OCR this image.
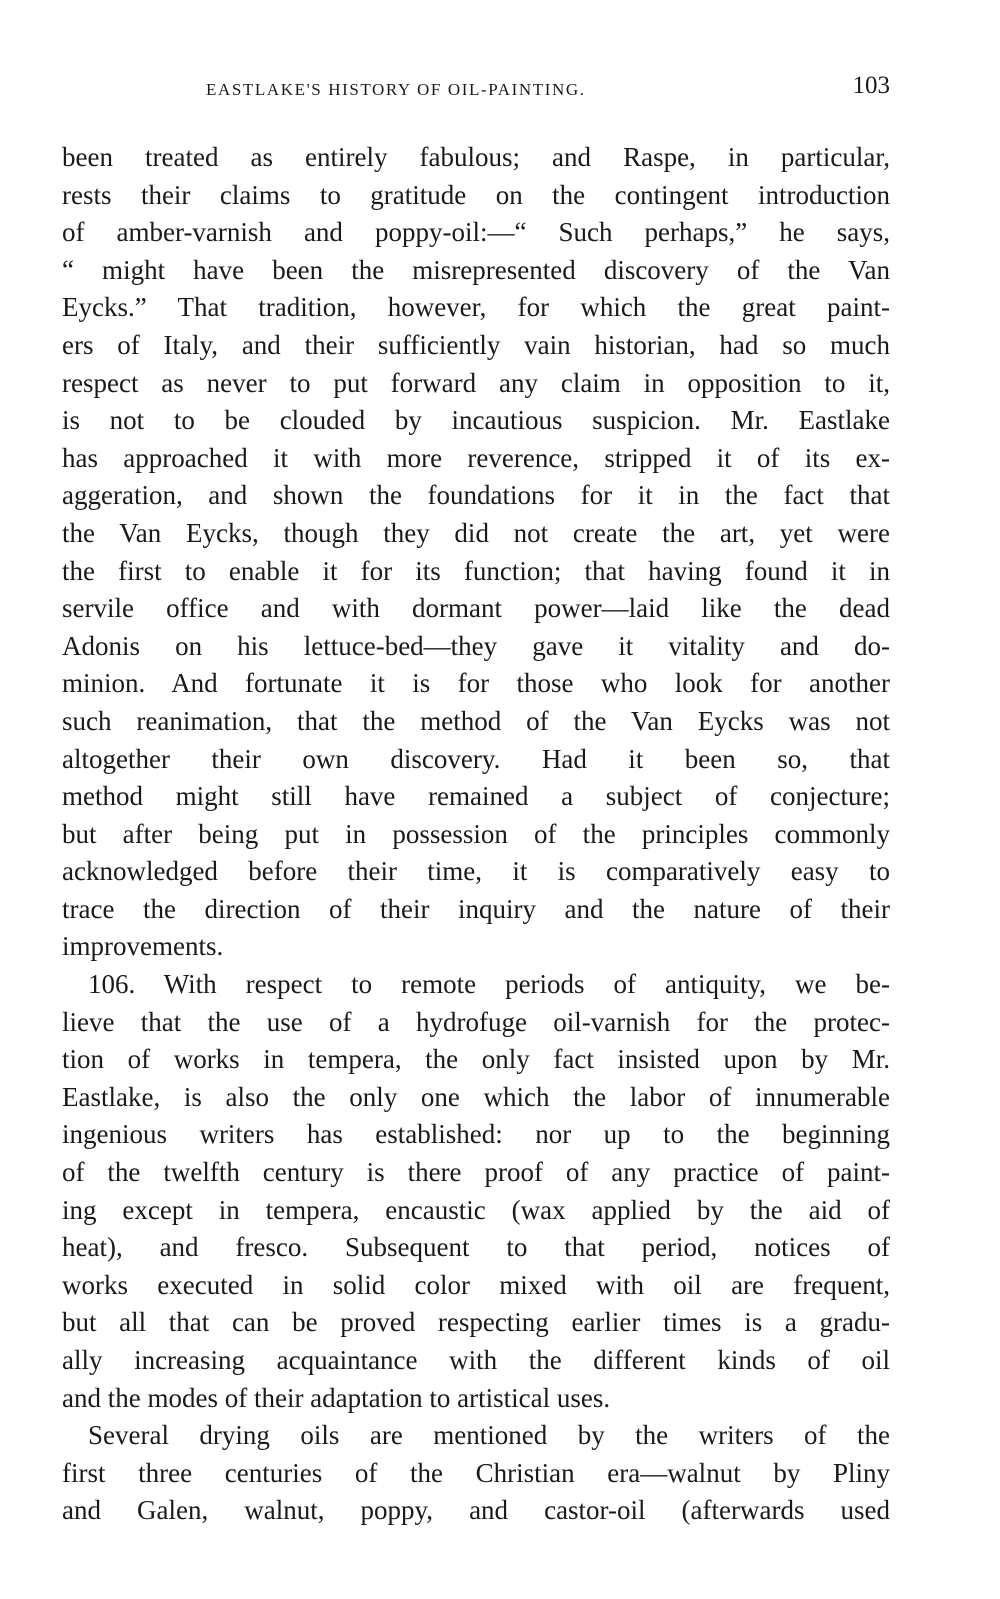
EASTLAKE'S HISTORY OF OIL-PAINTING.	103
been treated as entirely fabulous; and Raspe, in particular,
rests their claims to gratitude on the contingent introduction
of amber-varnish and poppy-oil:—“ Such perhaps,” he says,
“ might have been the misrepresented discovery of the Van
Eycks.” That tradition, however, for which the great paint-
ers of Italy, and their sufficiently vain historian, had so much
respect as never to put forward any claim in opposition to it,
is not to be clouded by incautious suspicion. Mr. Eastlake
has approached it with more reverence, stripped it of its ex-
aggeration, and shown the foundations for it in the fact that
the Van Eycks, though they did not create the art, yet were
the first to enable it for its function; that having found it in
servile office and with dormant power—laid like the dead
Adonis on his lettuce-bed—they gave it vitality and do-
minion. And fortunate it is for those who look for another
such reanimation, that the method of the Van Eycks was not
altogether their own discovery. Had it been so, that
method might still have remained a subject of conjecture;
but after being put in possession of the principles commonly
acknowledged before their time, it is comparatively easy to
trace the direction of their inquiry and the nature of their
improvements.
106. With respect to remote periods of antiquity, we be-
lieve that the use of a hydrofuge oil-varnish for the protec-
tion of works in tempera, the only fact insisted upon by Mr.
Eastlake, is also the only one which the labor of innumerable
ingenious writers has established: nor up to the beginning
of the twelfth century is there proof of any practice of paint-
ing except in tempera, encaustic (wax applied by the aid of
heat), and fresco. Subsequent to that period, notices of
works executed in solid color mixed with oil are frequent,
but all that can be proved respecting earlier times is a gradu-
ally increasing acquaintance with the different kinds of oil
and the modes of their adaptation to artistical uses.
Several drying oils are mentioned by the writers of the
first three centuries of the Christian era—walnut by Pliny
and Galen, walnut, poppy, and castor-oil (afterwards used
